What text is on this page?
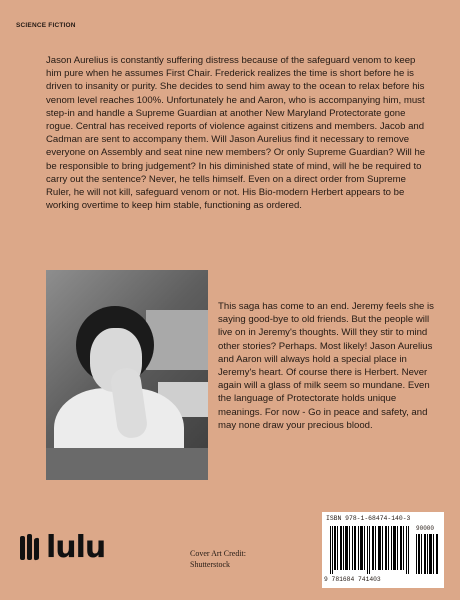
SCIENCE FICTION

Jason Aurelius is constantly suffering distress because of the safeguard venom to keep him pure when he assumes First Chair. Frederick realizes the time is short before he is driven to insanity or purity. She decides to send him away to the ocean to relax before his venom level reaches 100%. Unfortunately he and Aaron, who is accompanying him, must step-in and handle a Supreme Guardian at another New Maryland Protectorate gone rogue. Central has received reports of violence against citizens and members. Jacob and Cadman are sent to accompany them. Will Jason Aurelius find it necessary to remove everyone on Assembly and seat nine new members? Or only Supreme Guardian? Will he be responsible to bring judgement? In his diminished state of mind, will he be required to carry out the sentence? Never, he tells himself. Even on a direct order from Supreme Ruler, he will not kill, safeguard venom or not. His Bio-modern Herbert appears to be working overtime to keep him stable, functioning as ordered.

This saga has come to an end. Jeremy feels she is saying good-bye to old friends. But the people will live on in Jeremy's thoughts. Will they stir to mind other stories? Perhaps. Most likely! Jason Aurelius and Aaron will always hold a special place in Jeremy's heart. Of course there is Herbert. Never again will a glass of milk seem so mundane. Even the language of Protectorate holds unique meanings. For now - Go in peace and safety, and may none draw your precious blood.

lulu	Cover Art Credit:
Shutterstock
ISBN 978-1-68474-140-3
90000
9 781684 741403
